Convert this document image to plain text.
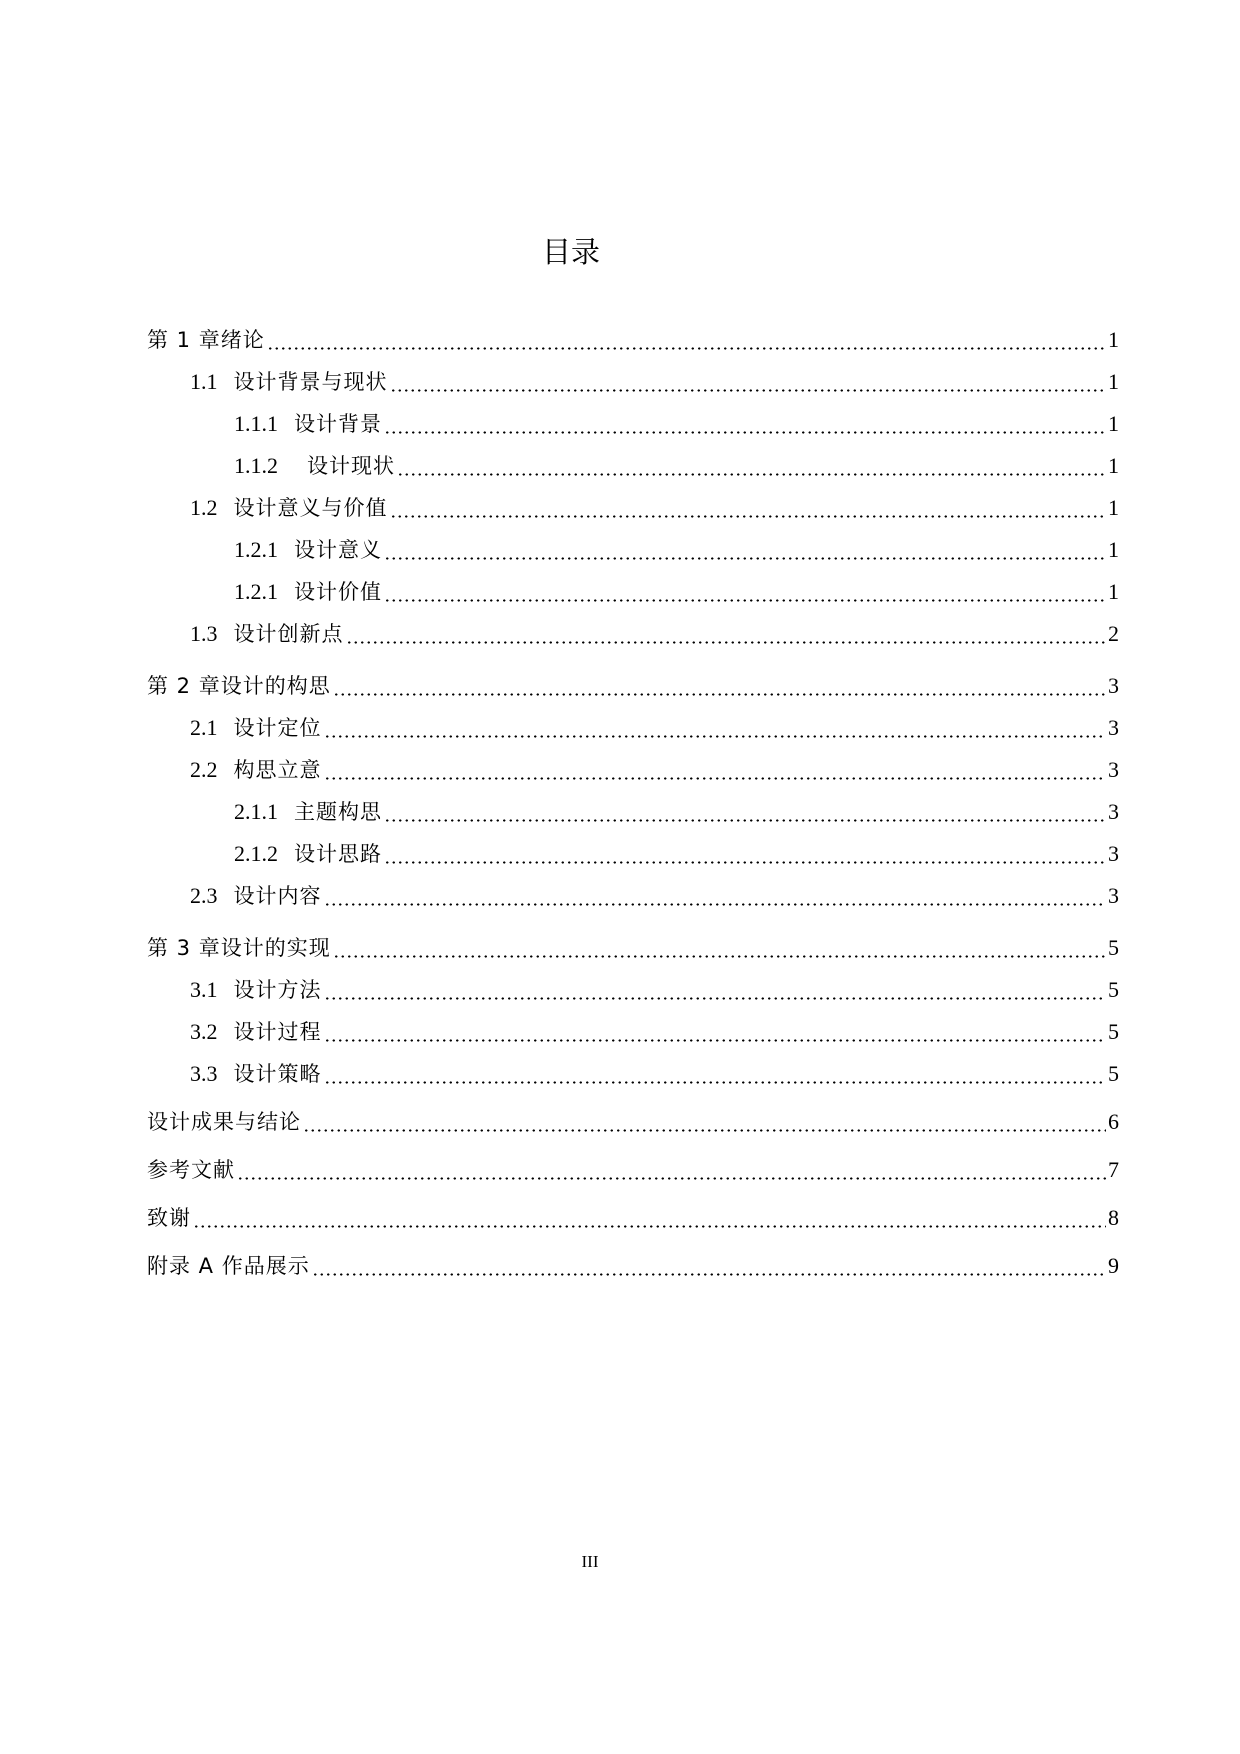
目录
第 1 章绪论	1
1.1 设计背景与现状	1
1.1.1 设计背景	1
1.1.2 设计现状	1
1.2 设计意义与价值	1
1.2.1 设计意义	1
1.2.1 设计价值	1
1.3 设计创新点	2
第 2 章设计的构思	3
2.1 设计定位	3
2.2 构思立意	3
2.1.1 主题构思	3
2.1.2 设计思路	3
2.3 设计内容	3
第 3 章设计的实现	5
3.1 设计方法	5
3.2 设计过程	5
3.3 设计策略	5
设计成果与结论	6
参考文献	7
致谢	8
附录 A 作品展示	9
III
